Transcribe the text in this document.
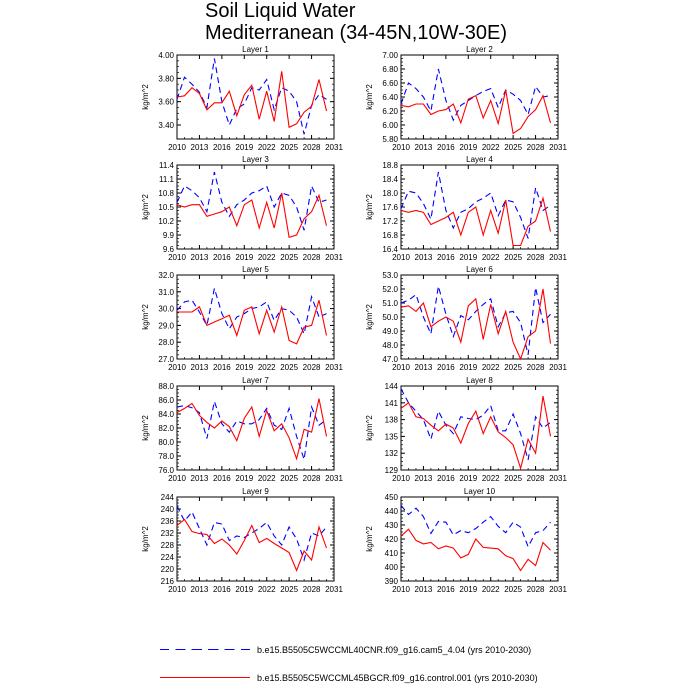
Soil Liquid Water
Mediterranean (34-45N,10W-30E)
Layer 1
3.40
3.60
3.80
4.00
2010 2013 2016 2019 2022 2025 2028 2031
kg/m^2
Layer 2
5.80
6.00
6.20
6.40
6.60
6.80
7.00
2010 2013 2016 2019 2022 2025 2028 2031
kg/m^2
Layer 3
9.6
9.9
10.2
10.5
10.8
11.1
11.4
2010 2013 2016 2019 2022 2025 2028 2031
kg/m^2
Layer 4
16.4
16.8
17.2
17.6
18.0
18.4
18.8
2010 2013 2016 2019 2022 2025 2028 2031
kg/m^2
Layer 5
27.0
28.0
29.0
30.0
31.0
32.0
2010 2013 2016 2019 2022 2025 2028 2031
kg/m^2
Layer 6
47.0
48.0
49.0
50.0
51.0
52.0
53.0
2010 2013 2016 2019 2022 2025 2028 2031
kg/m^2
Layer 7
76.0
78.0
80.0
82.0
84.0
86.0
88.0
2010 2013 2016 2019 2022 2025 2028 2031
kg/m^2
Layer 8
129
132
135
138
141
144
2010 2013 2016 2019 2022 2025 2028 2031
kg/m^2
Layer 9
216
220
224
228
232
236
240
244
2010 2013 2016 2019 2022 2025 2028 2031
kg/m^2
Layer 10
390
400
410
420
430
440
450
2010 2013 2016 2019 2022 2025 2028 2031
kg/m^2
b.e15.B5505C5WCCML40CNR.f09_g16.cam5_4.04 (yrs 2010-2030)
b.e15.B5505C5WCCML45BGCR.f09_g16.control.001 (yrs 2010-2030)
